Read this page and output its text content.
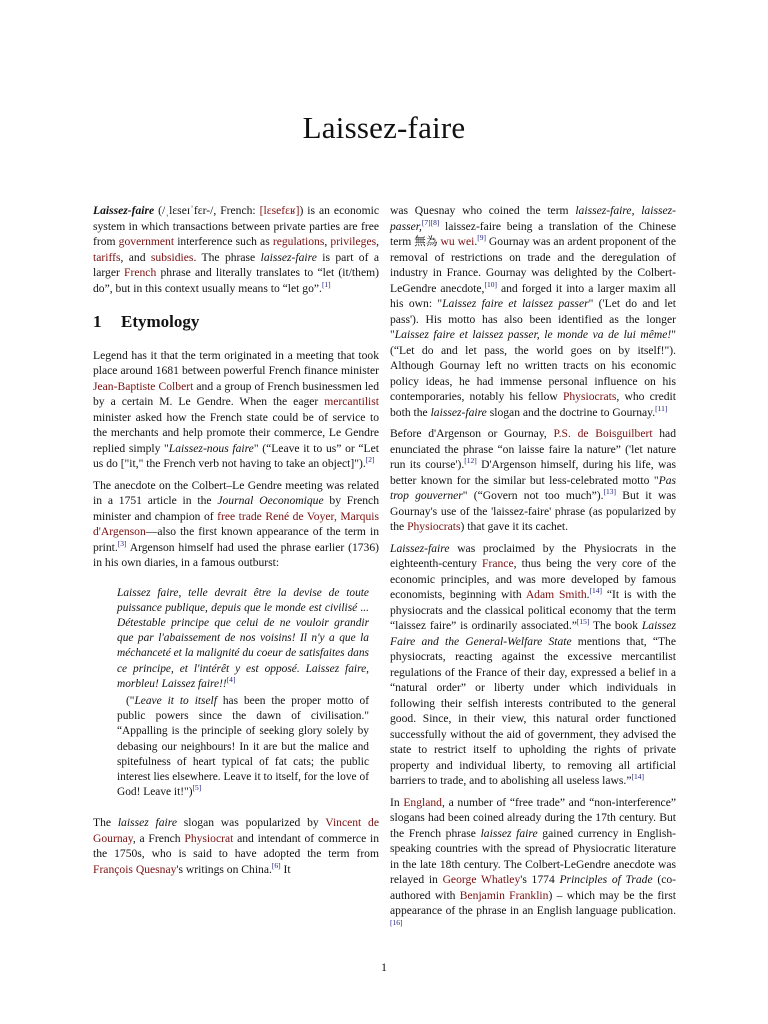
Laissez-faire

Laissez-faire (/ˌlɛseɪˈfɛr-/, French: [lɛsefɛʁ]) is an economic system in which transactions between private parties are free from government interference such as regulations, privileges, tariffs, and subsidies. The phrase laissez-faire is part of a larger French phrase and literally translates to “let (it/them) do”, but in this context usually means to “let go”.[1]

1 Etymology

Legend has it that the term originated in a meeting that took place around 1681 between powerful French finance minister Jean-Baptiste Colbert and a group of French businessmen led by a certain M. Le Gendre. When the eager mercantilist minister asked how the French state could be of service to the merchants and help promote their commerce, Le Gendre replied simply "Laissez-nous faire" (“Leave it to us” or “Let us do ["it," the French verb not having to take an object]").[2]

The anecdote on the Colbert–Le Gendre meeting was related in a 1751 article in the Journal Oeconomique by French minister and champion of free trade René de Voyer, Marquis d'Argenson—also the first known appearance of the term in print.[3] Argenson himself had used the phrase earlier (1736) in his own diaries, in a famous outburst:

Laissez faire, telle devrait être la devise de toute puissance publique, depuis que le monde est civilisé ... Détestable principe que celui de ne vouloir grandir que par l'abaissement de nos voisins! Il n'y a que la méchanceté et la malignité du coeur de satisfaites dans ce principe, et l'intérêt y est opposé. Laissez faire, morbleu! Laissez faire!![4]

("Leave it to itself has been the proper motto of public powers since the dawn of civilisation." “Appalling is the principle of seeking glory solely by debasing our neighbours! In it are but the malice and spitefulness of heart typical of fat cats; the public interest lies elsewhere. Leave it to itself, for the love of God! Leave it!")[5]

The laissez faire slogan was popularized by Vincent de Gournay, a French Physiocrat and intendant of commerce in the 1750s, who is said to have adopted the term from François Quesnay's writings on China.[6] It

was Quesnay who coined the term laissez-faire, laissez-passer,[7][8] laissez-faire being a translation of the Chinese term 無為 wu wei.[9] Gournay was an ardent proponent of the removal of restrictions on trade and the deregulation of industry in France. Gournay was delighted by the Colbert-LeGendre anecdote,[10] and forged it into a larger maxim all his own: "Laissez faire et laissez passer" ('Let do and let pass'). His motto has also been identified as the longer "Laissez faire et laissez passer, le monde va de lui même!" (“Let do and let pass, the world goes on by itself!"). Although Gournay left no written tracts on his economic policy ideas, he had immense personal influence on his contemporaries, notably his fellow Physiocrats, who credit both the laissez-faire slogan and the doctrine to Gournay.[11]

Before d'Argenson or Gournay, P.S. de Boisguilbert had enunciated the phrase “on laisse faire la nature” ('let nature run its course').[12] D'Argenson himself, during his life, was better known for the similar but less-celebrated motto "Pas trop gouverner" (“Govern not too much”).[13] But it was Gournay's use of the 'laissez-faire' phrase (as popularized by the Physiocrats) that gave it its cachet.

Laissez-faire was proclaimed by the Physiocrats in the eighteenth-century France, thus being the very core of the economic principles, and was more developed by famous economists, beginning with Adam Smith.[14] “It is with the physiocrats and the classical political economy that the term “laissez faire” is ordinarily associated.”[15] The book Laissez Faire and the General-Welfare State mentions that, “The physiocrats, reacting against the excessive mercantilist regulations of the France of their day, expressed a belief in a “natural order” or liberty under which individuals in following their selfish interests contributed to the general good. Since, in their view, this natural order functioned successfully without the aid of government, they advised the state to restrict itself to upholding the rights of private property and individual liberty, to removing all artificial barriers to trade, and to abolishing all useless laws.”[14]

In England, a number of “free trade” and “non-interference” slogans had been coined already during the 17th century. But the French phrase laissez faire gained currency in English-speaking countries with the spread of Physiocratic literature in the late 18th century. The Colbert-LeGendre anecdote was relayed in George Whatley's 1774 Principles of Trade (co-authored with Benjamin Franklin) – which may be the first appearance of the phrase in an English language publication.[16]

1
